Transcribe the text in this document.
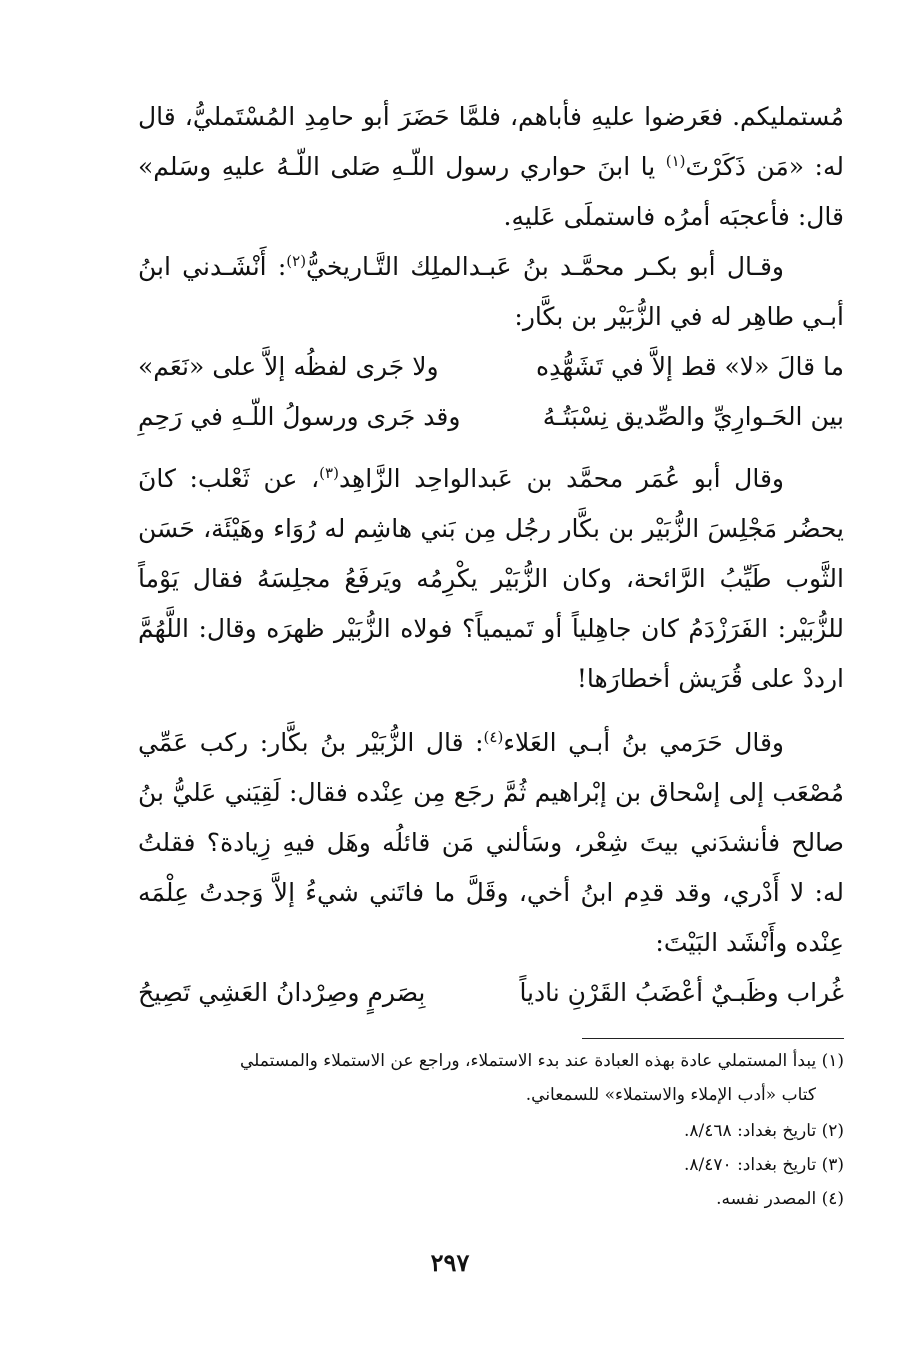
مُستمليكم. فعَرضوا عليهِ فأباهم، فلمَّا حَضَرَ أبو حامِدِ المُسْتَمليُّ، قال له: «مَن ذَكَرْتَ$^{(١)}$ يا ابنَ حواري رسول اللّـهِ صَلى اللّـهُ عليهِ وسَلم» قال: فأعجبَه أمرُه فاستملَى عَليهِ.

وقـال أبو بكـر محمَّـد بنُ عَبـدالملِك التَّـاريخيُّ$^{(٢)}$: أَنْشَـدني ابنُ أبـي طاهِر له في الزُّبَيْر بن بكَّار:

ما قالَ «لا» قط إلاَّ في تَشَهُّدِه
ولا جَرى لفظُه إلاَّ على «نَعَم»
بين الحَـوارِيِّ والصِّديق نِسْبَتُـهُ
وقد جَرى ورسولُ اللّـهِ في رَحِمِ

وقال أبو عُمَر محمَّد بن عَبدالواحِد الزَّاهِد$^{(٣)}$، عن ثَعْلب: كانَ يحضُر مَجْلِسَ الزُّبَيْر بن بكَّار رجُل مِن بَني هاشِم له رُوَاء وهَيْئَة، حَسَن الثَّوب طَيِّبُ الرَّائحة، وكان الزُّبَيْر يكْرِمُه ويَرفَعُ مجلِسَهُ فقال يَوْماً للزُّبَيْر: الفَرَزْدَمُ كان جاهِلياً أو تَميمياً؟ فولاه الزُّبَيْر ظهرَه وقال: اللَّهُمَّ ارددْ على قُرَيش أخطارَها!

وقال حَرَمي بنُ أبـي العَلاء$^{(٤)}$: قال الزُّبَيْر بنُ بكَّار: ركب عَمِّي مُصْعَب إلى إسْحاق بن إبْراهيم ثُمَّ رجَع مِن عِنْده فقال: لَقِيَني عَليُّ بنُ صالح فأنشدَني بيتَ شِعْر، وسَألني مَن قائلُه وهَل فيهِ زِيادة؟ فقلتُ له: لا أَدْري، وقد قدِم ابنُ أخي، وقَلَّ ما فاتَني شيءُ إلاَّ وَجدتُ عِلْمَه عِنْده وأَنْشَد البَيْتَ:

غُراب وظَبـيٌ أعْضَبُ القَرْنِ نادياً
بِصَرمٍ وصِرْدانُ العَشِي تَصِيحُ

(١) يبدأ المستملي عادة بهذه العبادة عند بدء الاستملاء، وراجع عن الاستملاء والمستملي

كتاب «أدب الإملاء والاستملاء» للسمعاني.

(٢) تاريخ بغداد: ٨/٤٦٨.

(٣) تاريخ بغداد: ٨/٤٧٠.

(٤) المصدر نفسه.

٢٩٧
